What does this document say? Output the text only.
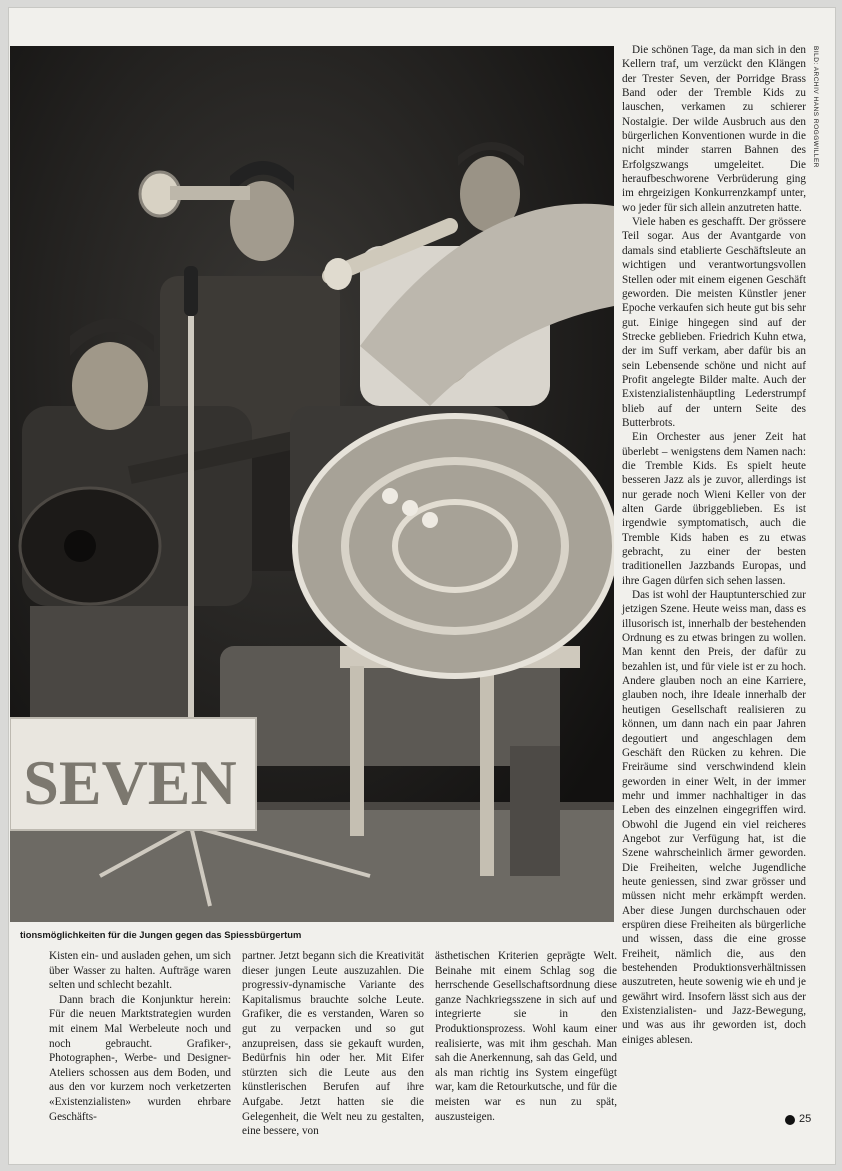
SEVEN
BILD: ARCHIV HANS ROGGWILLER

Die schönen Tage, da man sich in den Kellern traf, um verzückt den Klängen der Trester Seven, der Porridge Brass Band oder der Tremble Kids zu lauschen, verkamen zu schierer Nostalgie. Der wilde Ausbruch aus den bürgerlichen Konventionen wurde in die nicht minder starren Bahnen des Erfolgszwangs umgeleitet. Die heraufbeschworene Verbrüderung ging im ehrgeizigen Konkurrenzkampf unter, wo jeder für sich allein anzutreten hatte.

Viele haben es geschafft. Der grössere Teil sogar. Aus der Avantgarde von damals sind etablierte Geschäftsleute an wichtigen und verantwortungsvollen Stellen oder mit einem eigenen Geschäft geworden. Die meisten Künstler jener Epoche verkaufen sich heute gut bis sehr gut. Einige hingegen sind auf der Strecke geblieben. Friedrich Kuhn etwa, der im Suff verkam, aber dafür bis an sein Lebensende schöne und nicht auf Profit angelegte Bilder malte. Auch der Existenzialistenhäuptling Lederstrumpf blieb auf der untern Seite des Butterbrots.

Ein Orchester aus jener Zeit hat überlebt – wenigstens dem Namen nach: die Tremble Kids. Es spielt heute besseren Jazz als je zuvor, allerdings ist nur gerade noch Wieni Keller von der alten Garde übriggeblieben. Es ist irgendwie symptomatisch, auch die Tremble Kids haben es zu etwas gebracht, zu einer der besten traditionellen Jazzbands Europas, und ihre Gagen dürfen sich sehen lassen.

Das ist wohl der Hauptunterschied zur jetzigen Szene. Heute weiss man, dass es illusorisch ist, innerhalb der bestehenden Ordnung es zu etwas bringen zu wollen. Man kennt den Preis, der dafür zu bezahlen ist, und für viele ist er zu hoch. Andere glauben noch an eine Karriere, glauben noch, ihre Ideale innerhalb der heutigen Gesellschaft realisieren zu können, um dann nach ein paar Jahren degoutiert und angeschlagen dem Geschäft den Rücken zu kehren. Die Freiräume sind verschwindend klein geworden in einer Welt, in der immer mehr und immer nachhaltiger in das Leben des einzelnen eingegriffen wird. Obwohl die Jugend ein viel reicheres Angebot zur Verfügung hat, ist die Szene wahrscheinlich ärmer geworden. Die Freiheiten, welche Jugendliche heute geniessen, sind zwar grösser und müssen nicht mehr erkämpft werden. Aber diese Jungen durchschauen oder erspüren diese Freiheiten als bürgerliche und wissen, dass die eine grosse Freiheit, nämlich die, aus den bestehenden Produktionsverhältnissen auszutreten, heute sowenig wie eh und je gewährt wird. Insofern lässt sich aus der Existenzialisten- und Jazz-Bewegung, und was aus ihr geworden ist, doch einiges ablesen.

tionsmöglichkeiten für die Jungen gegen das Spiessbürgertum

Kisten ein- und ausladen gehen, um sich über Wasser zu halten. Aufträge waren selten und schlecht bezahlt.

Dann brach die Konjunktur herein: Für die neuen Marktstrategien wurden mit einem Mal Werbeleute noch und noch gebraucht. Grafiker-, Photographen-, Werbe- und Designer-Ateliers schossen aus dem Boden, und aus den vor kurzem noch verketzerten «Existenzialisten» wurden ehrbare Geschäfts-

partner. Jetzt begann sich die Kreativität dieser jungen Leute auszuzahlen. Die progressiv-dynamische Variante des Kapitalismus brauchte solche Leute. Grafiker, die es verstanden, Waren so gut zu verpacken und so gut anzupreisen, dass sie gekauft wurden, Bedürfnis hin oder her. Mit Eifer stürzten sich die Leute aus den künstlerischen Berufen auf ihre Aufgabe. Jetzt hatten sie die Gelegenheit, die Welt neu zu gestalten, eine bessere, von

ästhetischen Kriterien geprägte Welt. Beinahe mit einem Schlag sog die herrschende Gesellschaftsordnung diese ganze Nachkriegsszene in sich auf und integrierte sie in den Produktionsprozess. Wohl kaum einer realisierte, was mit ihm geschah. Man sah die Anerkennung, sah das Geld, und als man richtig ins System eingefügt war, kam die Retourkutsche, und für die meisten war es nun zu spät, auszusteigen.	25
